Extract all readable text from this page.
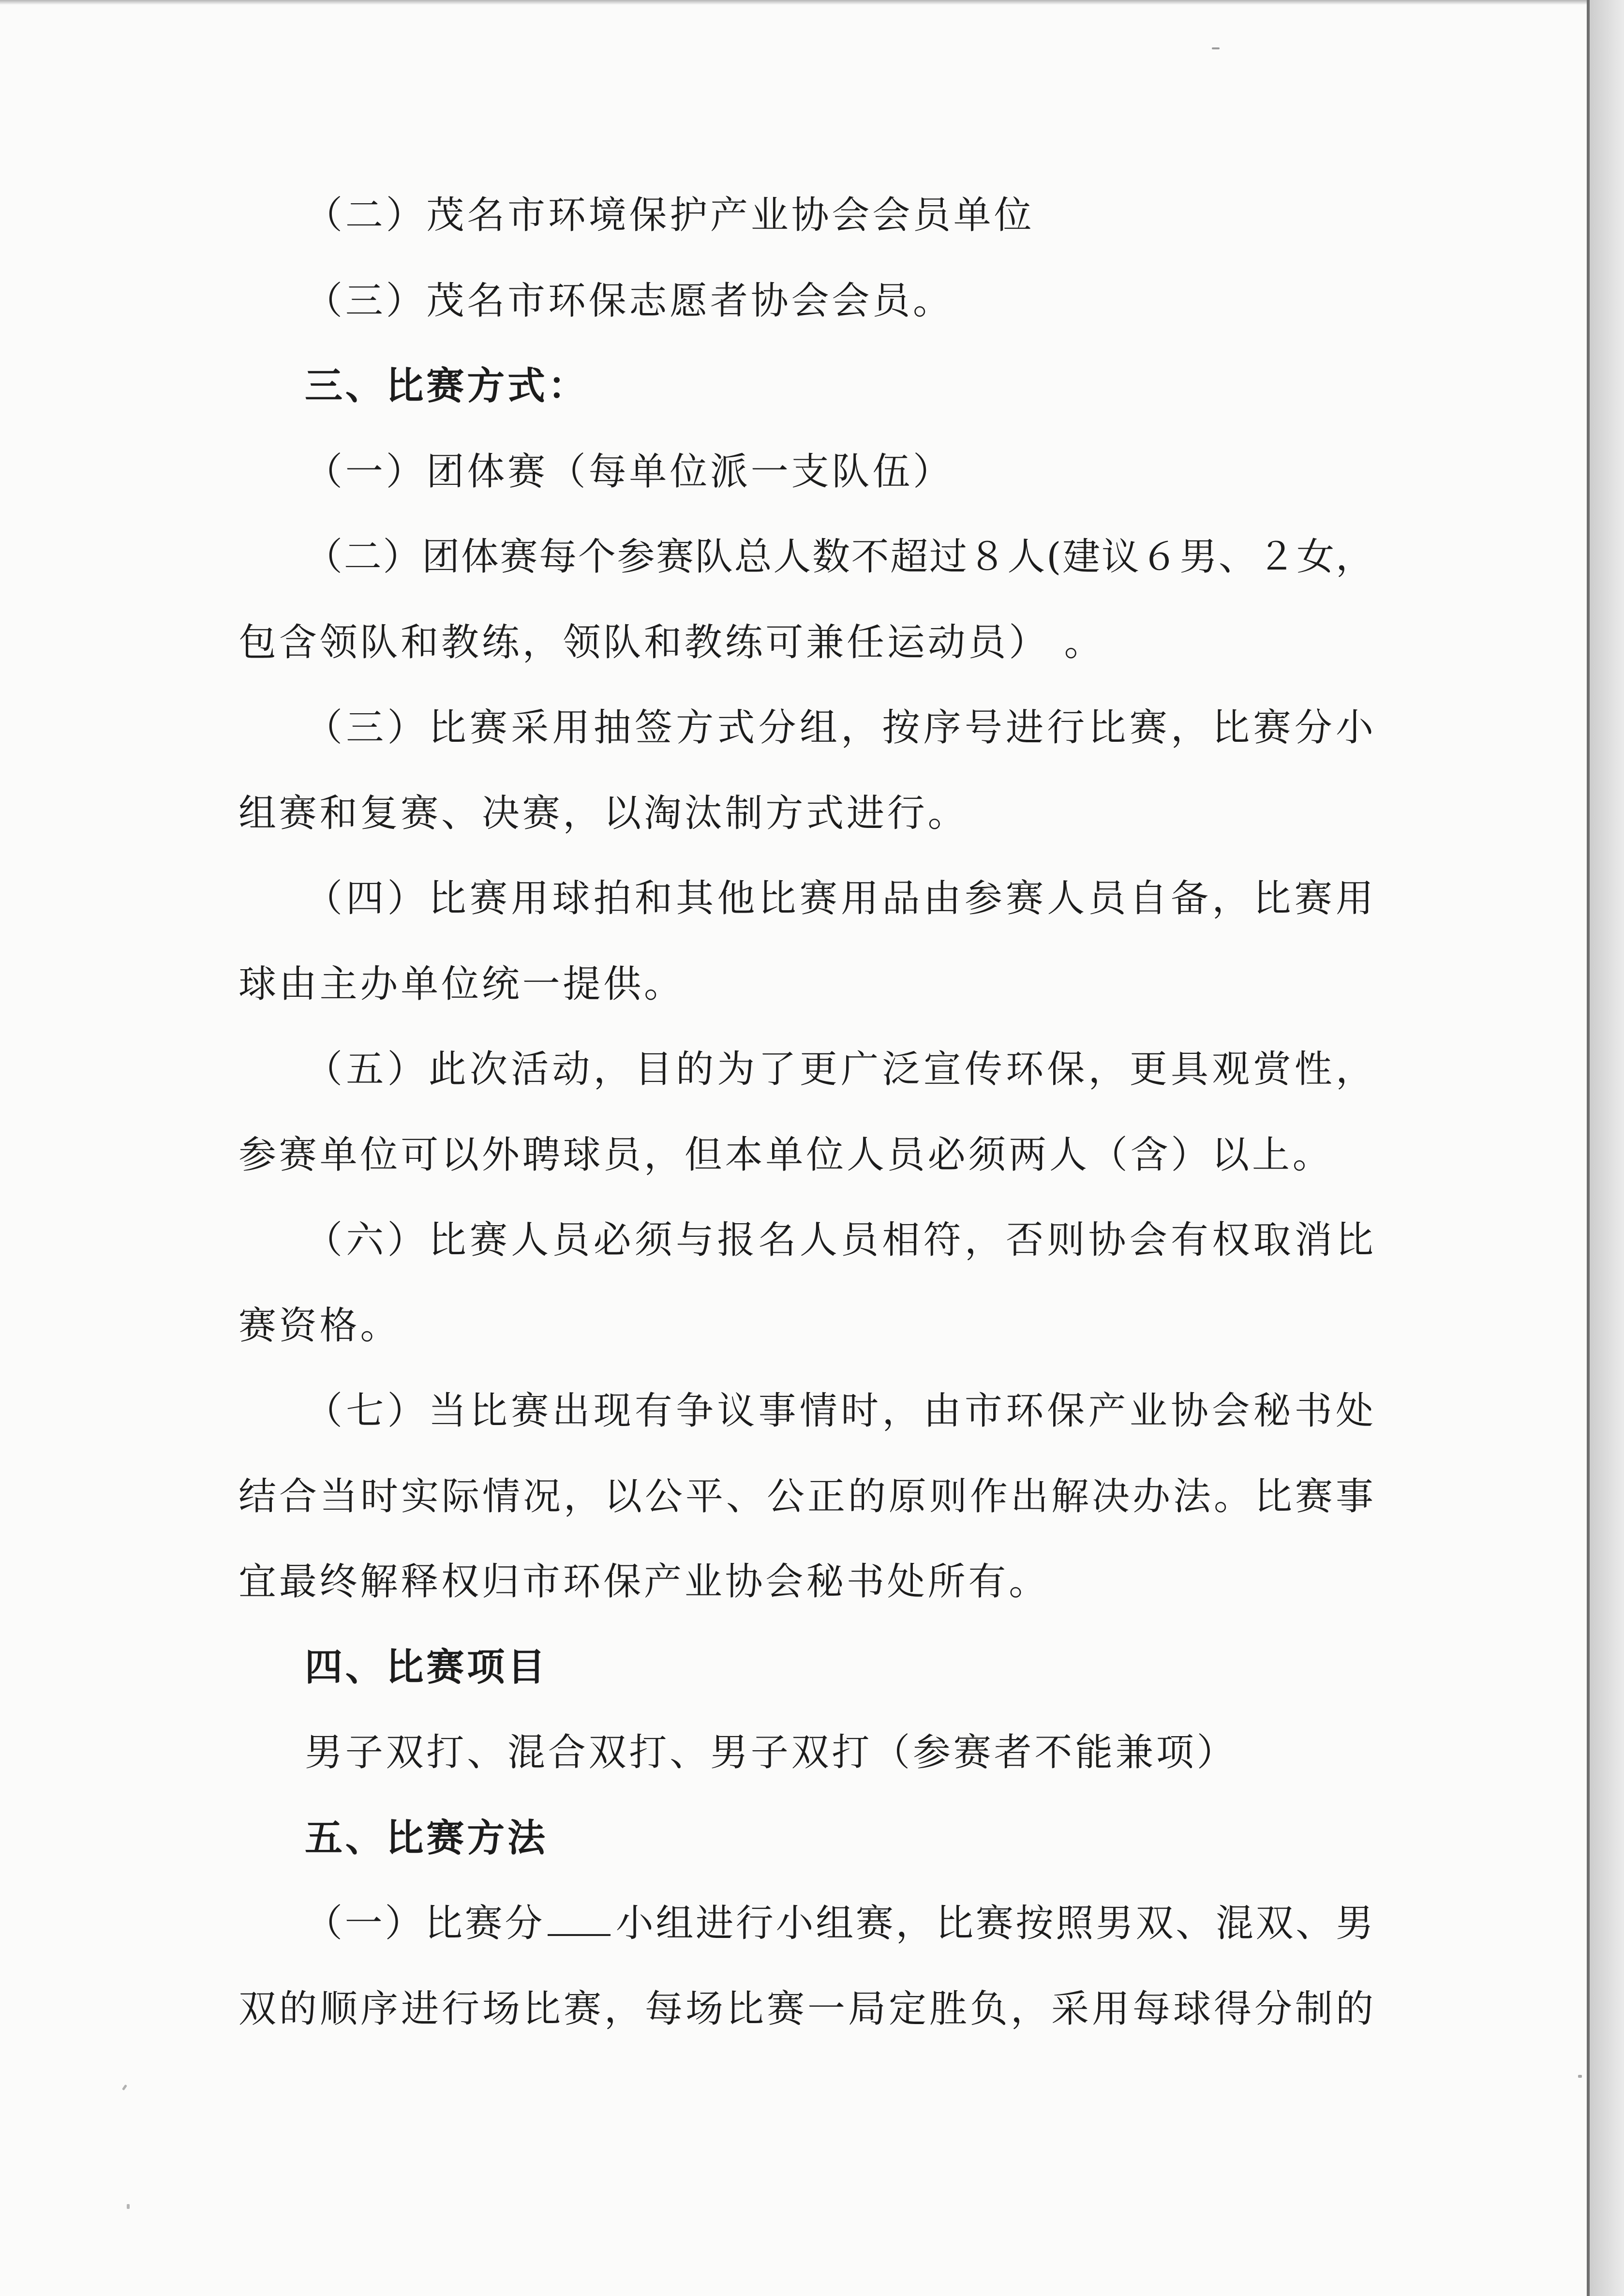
（二）茂名市环境保护产业协会会员单位
（三）茂名市环保志愿者协会会员。
三、比赛方式：
（一）团体赛（每单位派一支队伍）
（二）团体赛每个参赛队总人数不超过８人(建议６男、２女，
包含领队和教练，领队和教练可兼任运动员） 。
（三）比赛采用抽签方式分组，按序号进行比赛，比赛分小
组赛和复赛、决赛，以淘汰制方式进行。
（四）比赛用球拍和其他比赛用品由参赛人员自备，比赛用
球由主办单位统一提供。
（五）此次活动，目的为了更广泛宣传环保，更具观赏性，
参赛单位可以外聘球员，但本单位人员必须两人（含）以上。
（六）比赛人员必须与报名人员相符，否则协会有权取消比
赛资格。
（七）当比赛出现有争议事情时，由市环保产业协会秘书处
结合当时实际情况，以公平、公正的原则作出解决办法。比赛事
宜最终解释权归市环保产业协会秘书处所有。
四、比赛项目
男子双打、混合双打、男子双打（参赛者不能兼项）
五、比赛方法
（一）比赛分 小组进行小组赛，比赛按照男双、混双、男
双的顺序进行场比赛，每场比赛一局定胜负，采用每球得分制的
